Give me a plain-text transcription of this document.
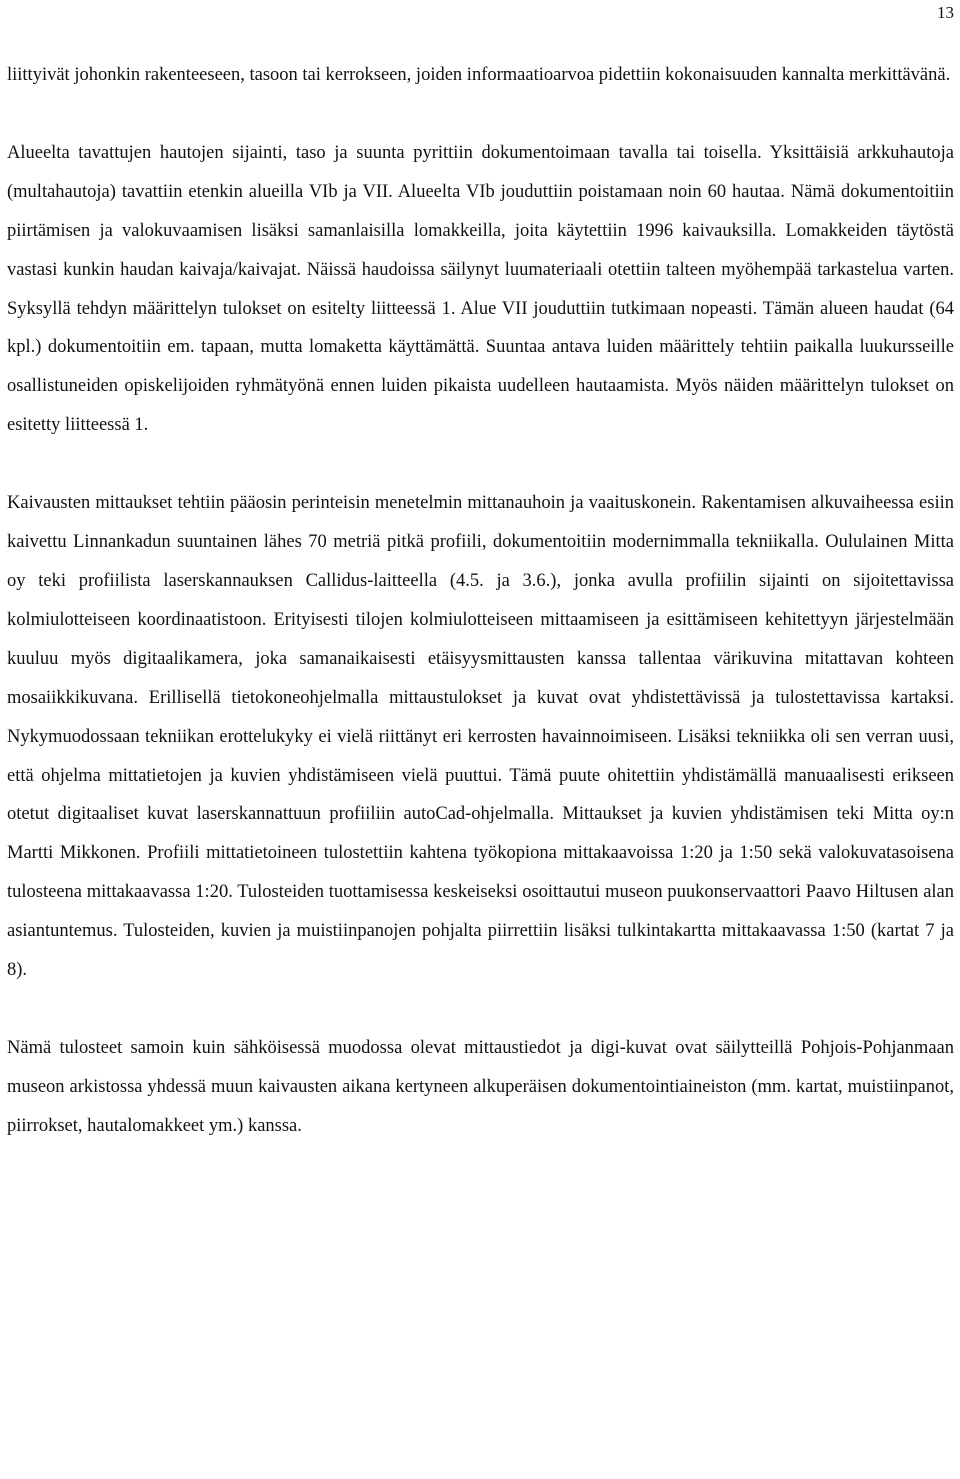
13

liittyivät johonkin rakenteeseen, tasoon tai kerrokseen, joiden informaatioarvoa pidettiin kokonaisuuden kannalta merkittävänä.

Alueelta tavattujen hautojen sijainti, taso ja suunta pyrittiin dokumentoimaan tavalla tai toisella. Yksittäisiä arkkuhautoja (multahautoja) tavattiin etenkin alueilla VIb ja VII. Alueelta VIb jouduttiin poistamaan noin 60 hautaa. Nämä dokumentoitiin piirtämisen ja valokuvaamisen lisäksi samanlaisilla lomakkeilla, joita käytettiin 1996 kaivauksilla. Lomakkeiden täytöstä vastasi kunkin haudan kaivaja/kaivajat. Näissä haudoissa säilynyt luumateriaali otettiin talteen myöhempää tarkastelua varten. Syksyllä tehdyn määrittelyn tulokset on esitelty liitteessä 1. Alue VII jouduttiin tutkimaan nopeasti. Tämän alueen haudat (64 kpl.) dokumentoitiin em. tapaan, mutta lomaketta käyttämättä. Suuntaa antava luiden määrittely tehtiin paikalla luukursseille osallistuneiden opiskelijoiden ryhmätyönä ennen luiden pikaista uudelleen hautaamista. Myös näiden määrittelyn tulokset on esitetty liitteessä 1.

Kaivausten mittaukset tehtiin pääosin perinteisin menetelmin mittanauhoin ja vaaituskonein. Rakentamisen alkuvaiheessa esiin kaivettu Linnankadun suuntainen lähes 70 metriä pitkä profiili, dokumentoitiin modernimmalla tekniikalla. Oululainen Mitta oy teki profiilista laserskannauksen Callidus-laitteella (4.5. ja 3.6.), jonka avulla profiilin sijainti on sijoitettavissa kolmiulotteiseen koordinaatistoon. Erityisesti tilojen kolmiulotteiseen mittaamiseen ja esittämiseen kehitettyyn järjestelmään kuuluu myös digitaalikamera, joka samanaikaisesti etäisyysmittausten kanssa tallentaa värikuvina mitattavan kohteen mosaiikkikuvana. Erillisellä tietokoneohjelmalla mittaustulokset ja kuvat ovat yhdistettävissä ja tulostettavissa kartaksi. Nykymuodossaan tekniikan erottelukyky ei vielä riittänyt eri kerrosten havainnoimiseen. Lisäksi tekniikka oli sen verran uusi, että ohjelma mittatietojen ja kuvien yhdistämiseen vielä puuttui. Tämä puute ohitettiin yhdistämällä manuaalisesti erikseen otetut digitaaliset kuvat laserskannattuun profiiliin autoCad-ohjelmalla. Mittaukset ja kuvien yhdistämisen teki Mitta oy:n Martti Mikkonen. Profiili mittatietoineen tulostettiin kahtena työkopiona mittakaavoissa 1:20 ja 1:50 sekä valokuvatasoisena tulosteena mittakaavassa 1:20. Tulosteiden tuottamisessa keskeiseksi osoittautui museon puukonservaattori Paavo Hiltusen alan asiantuntemus. Tulosteiden, kuvien ja muistiinpanojen pohjalta piirrettiin lisäksi tulkintakartta mittakaavassa 1:50 (kartat 7 ja 8).

Nämä tulosteet samoin kuin sähköisessä muodossa olevat mittaustiedot ja digi-kuvat ovat säilytteillä Pohjois-Pohjanmaan museon arkistossa yhdessä muun kaivausten aikana kertyneen alkuperäisen dokumentointiaineiston (mm. kartat, muistiinpanot, piirrokset, hautalomakkeet ym.) kanssa.
